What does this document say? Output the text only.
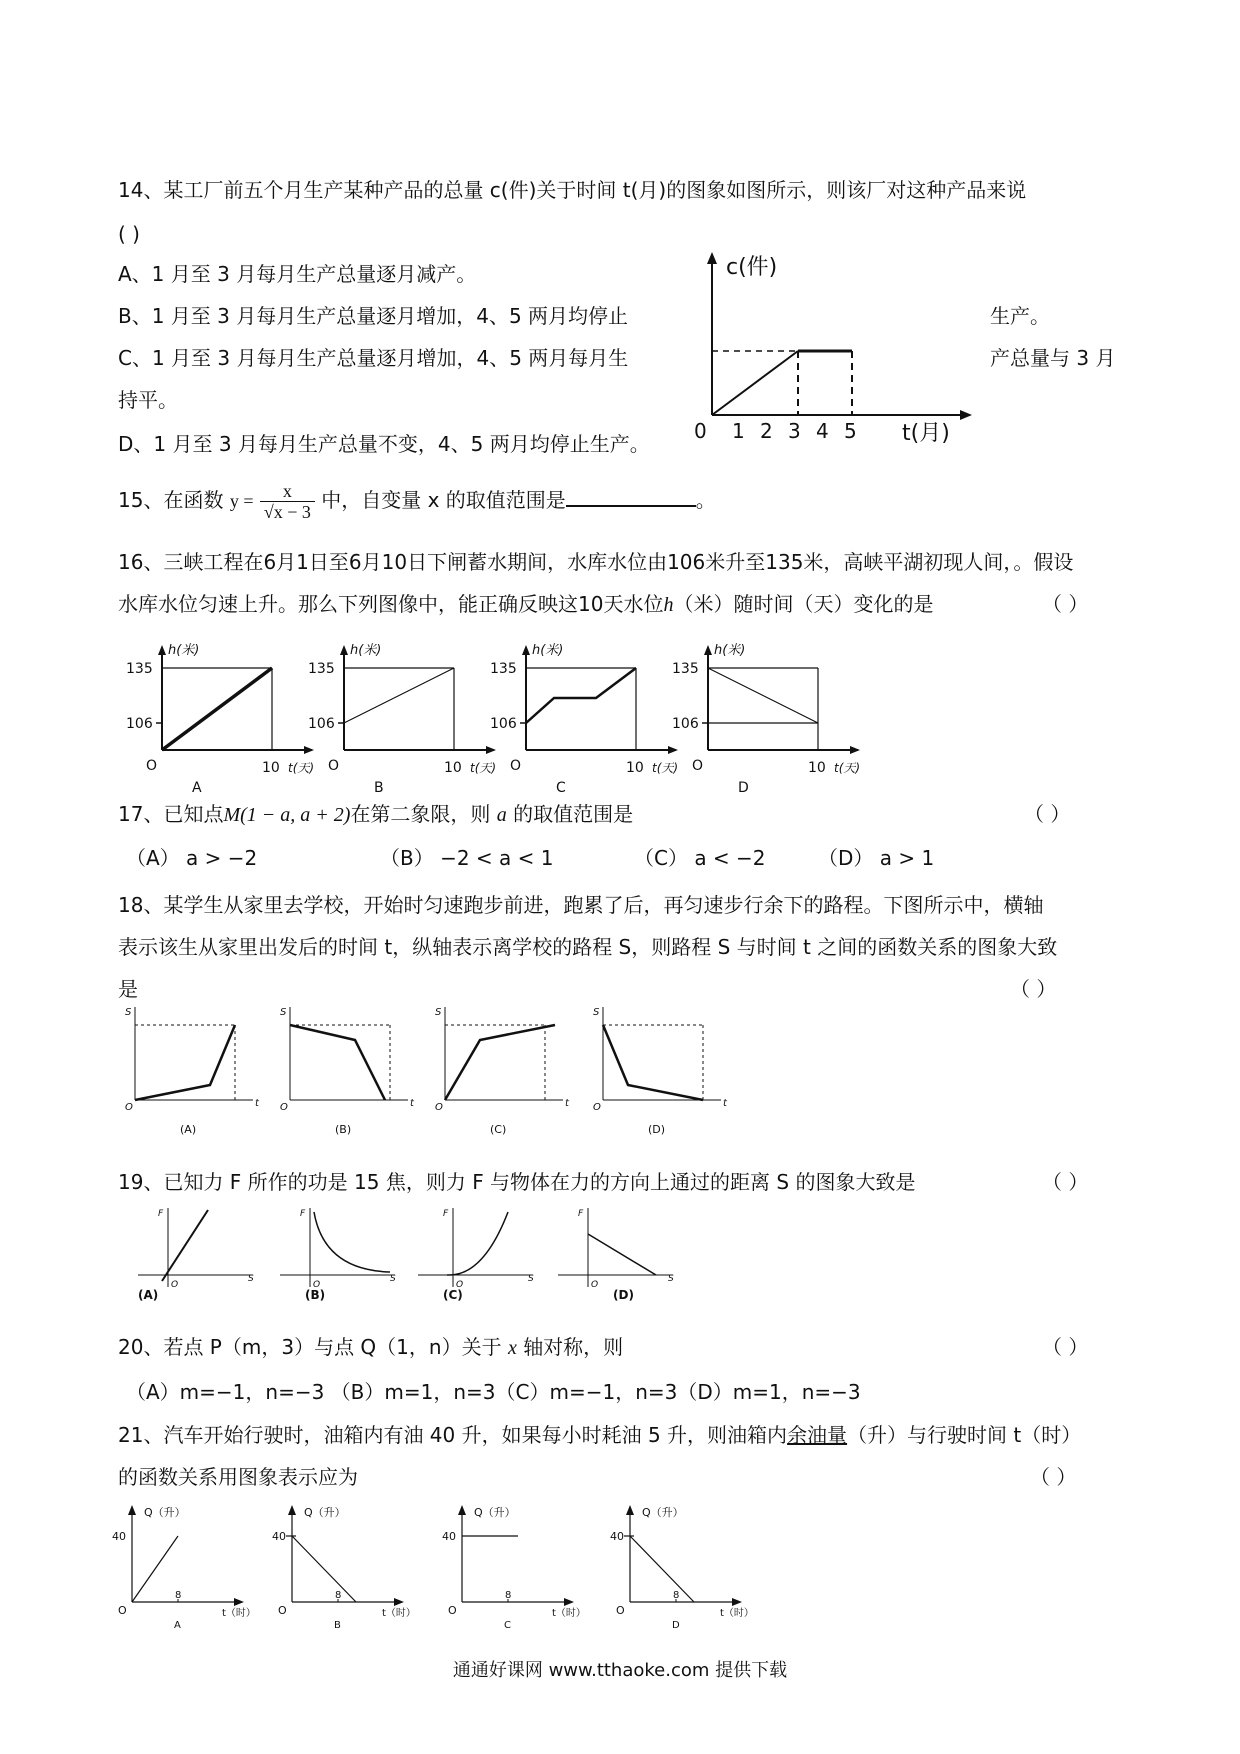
14、某工厂前五个月生产某种产品的总量 c(件)关于时间 t(月)的图象如图所示，则该厂对这种产品来说
( )
A、1 月至 3 月每月生产总量逐月减产。
B、1 月至 3 月每月生产总量逐月增加，4、5 两月均停止	生产。
C、1 月至 3 月每月生产总量逐月增加，4、5 两月每月生	产总量与 3 月
持平。
D、1 月至 3 月每月生产总量不变，4、5 两月均停止生产。
c(件)
0 1 2 3 4 5 t(月)
15、在函数 $y = \frac{x}{√x - 3}$ 中，自变量 x 的取值范围是	。
16、三峡工程在6月1日至6月10日下闸蓄水期间，水库水位由106米升至135米，高峡平湖初现人间，。假设
水库水位匀速上升。那么下列图像中，能正确反映这10天水位h（米）随时间（天）变化的是	（ ）
h(米)
t(天)
135
106
10
O
A
h(米)
t(天)
135
106
10
O
B
h(米)
t(天)
135
106
10
O
C
h(米)
t(天)
135
106
10
O
D
17、已知点M(1 − a, a + 2)在第二象限，则 a 的取值范围是	（ ）
（A） a > −2	（B） −2 < a < 1	（C） a < −2	（D） a > 1
18、某学生从家里去学校，开始时匀速跑步前进，跑累了后，再匀速步行余下的路程。下图所示中，横轴
表示该生从家里出发后的时间 t，纵轴表示离学校的路程 S，则路程 S 与时间 t 之间的函数关系的图象大致
是	（ ）
S
t
O
(A)
S
t
O
(B)
S
t
O
(C)
S
t
O
(D)
19、已知力 F 所作的功是 15 焦，则力 F 与物体在力的方向上通过的距离 S 的图象大致是	（ ）
F
S
O
(A)
F
S
O
(B)
F
S
O
(C)
F
S
O
(D)
20、若点 P（m，3）与点 Q（1，n）关于 x 轴对称，则	（ ）
（A）m=−1，n=−3 （B）m=1，n=3（C）m=−1，n=3（D）m=1，n=−3
21、汽车开始行驶时，油箱内有油 40 升，如果每小时耗油 5 升，则油箱内余油量（升）与行驶时间 t（时）
的函数关系用图象表示应为	（ ）
Q（升）
t（时）
40
8
O
A
Q（升）
t（时）
40
8
O
B
Q（升）
t（时）
40
8
O
C
Q（升）
t（时）
40
8
O
D
通通好课网 www.tthaoke.com 提供下载
